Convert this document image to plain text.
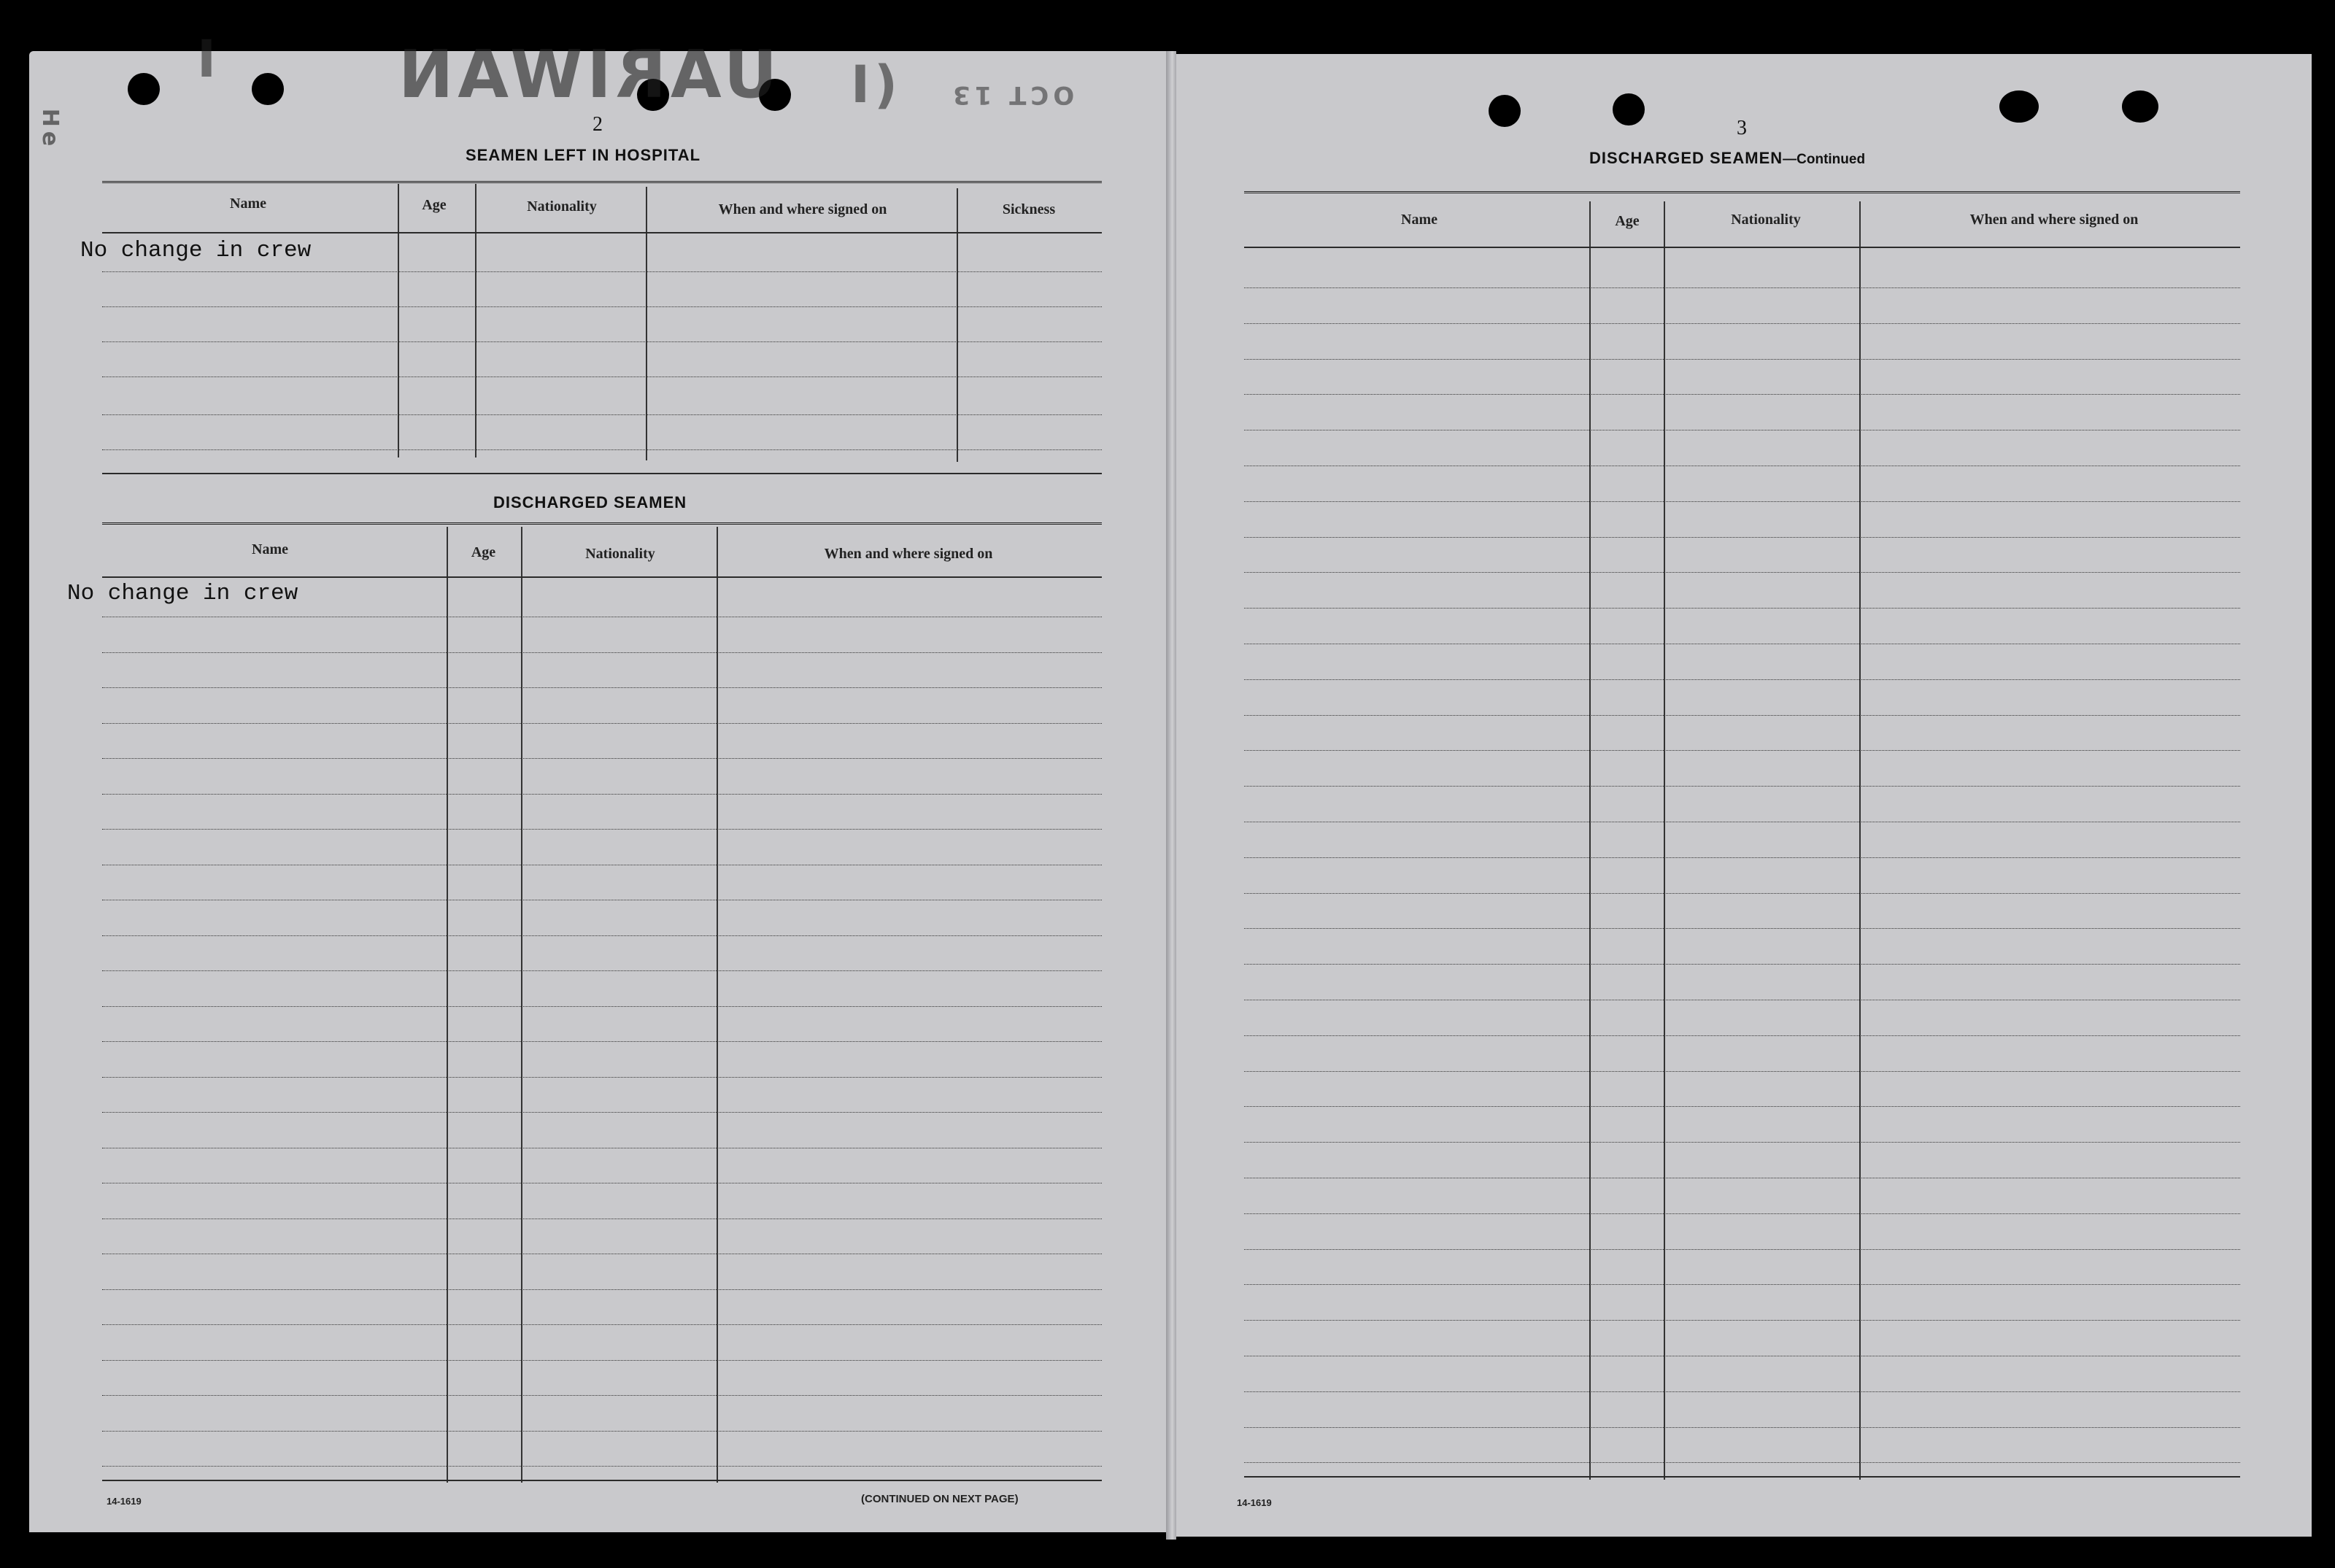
I	UARIWAN (I OCT 13
He	2
SEAMEN LEFT IN HOSPITAL
Name	Age	Nationality	When and where signed on	Sickness
No change in crew
DISCHARGED SEAMEN
Name	Age	Nationality	When and where signed on
No change in crew
14-1619	(CONTINUED ON NEXT PAGE)
3
DISCHARGED SEAMEN—Continued
Name	Age	Nationality	When and where signed on
14-1619
